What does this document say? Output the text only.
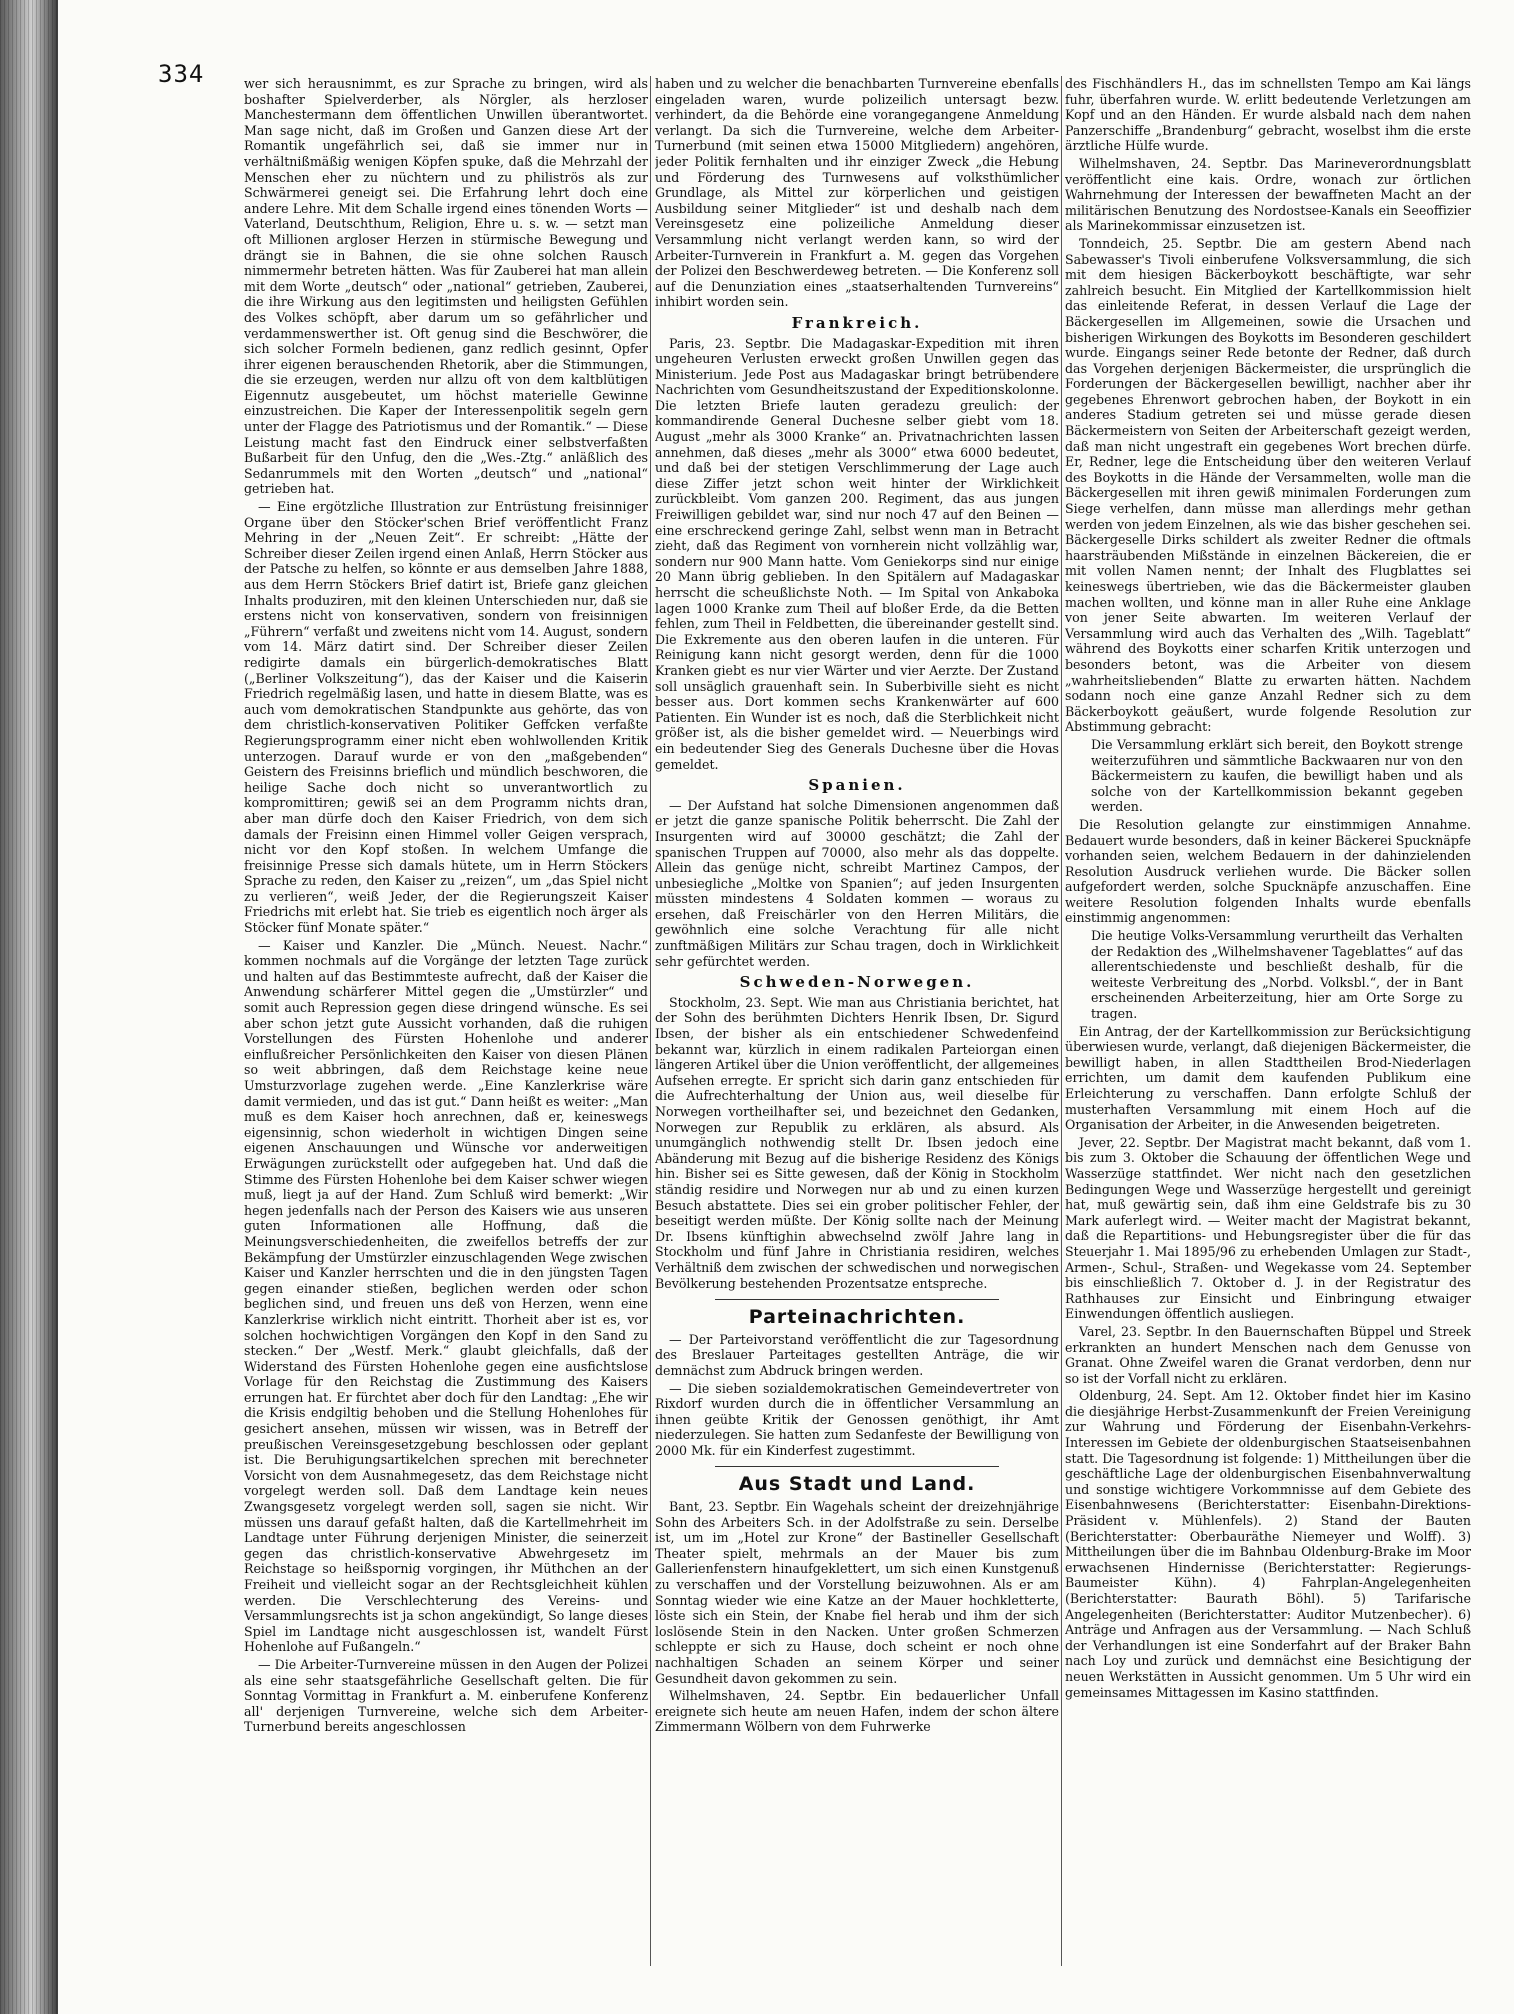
334	wer sich herausnimmt, es zur Sprache zu bringen, wird als boshafter Spielverderber, als Nörgler, als herzloser Manchestermann dem öffentlichen Unwillen überantwortet. Man sage nicht, daß im Großen und Ganzen diese Art der Romantik ungefährlich sei, daß sie immer nur in verhältnißmäßig wenigen Köpfen spuke, daß die Mehrzahl der Menschen eher zu nüchtern und zu philiströs als zur Schwärmerei geneigt sei. Die Erfahrung lehrt doch eine andere Lehre. Mit dem Schalle irgend eines tönenden Worts — Vaterland, Deutschthum, Religion, Ehre u. s. w. — setzt man oft Millionen argloser Herzen in stürmische Bewegung und drängt sie in Bahnen, die sie ohne solchen Rausch nimmermehr betreten hätten. Was für Zauberei hat man allein mit dem Worte „deutsch“ oder „national“ getrieben, Zauberei, die ihre Wirkung aus den legitimsten und heiligsten Gefühlen des Volkes schöpft, aber darum um so gefährlicher und verdammenswerther ist. Oft genug sind die Beschwörer, die sich solcher Formeln bedienen, ganz redlich gesinnt, Opfer ihrer eigenen berauschenden Rhetorik, aber die Stimmungen, die sie erzeugen, werden nur allzu oft von dem kaltblütigen Eigennutz ausgebeutet, um höchst materielle Gewinne einzustreichen. Die Kaper der Interessenpolitik segeln gern unter der Flagge des Patriotismus und der Romantik.“ — Diese Leistung macht fast den Eindruck einer selbstverfaßten Bußarbeit für den Unfug, den die „Wes.-Ztg.“ anläßlich des Sedanrummels mit den Worten „deutsch“ und „national“ getrieben hat.

— Eine ergötzliche Illustration zur Entrüstung freisinniger Organe über den Stöcker'schen Brief veröffentlicht Franz Mehring in der „Neuen Zeit“. Er schreibt: „Hätte der Schreiber dieser Zeilen irgend einen Anlaß, Herrn Stöcker aus der Patsche zu helfen, so könnte er aus demselben Jahre 1888, aus dem Herrn Stöckers Brief datirt ist, Briefe ganz gleichen Inhalts produziren, mit den kleinen Unterschieden nur, daß sie erstens nicht von konservativen, sondern von freisinnigen „Führern“ verfaßt und zweitens nicht vom 14. August, sondern vom 14. März datirt sind. Der Schreiber dieser Zeilen redigirte damals ein bürgerlich-demokratisches Blatt („Berliner Volkszeitung“), das der Kaiser und die Kaiserin Friedrich regelmäßig lasen, und hatte in diesem Blatte, was es auch vom demokratischen Standpunkte aus gehörte, das von dem christlich-konservativen Politiker Geffcken verfaßte Regierungsprogramm einer nicht eben wohlwollenden Kritik unterzogen. Darauf wurde er von den „maßgebenden“ Geistern des Freisinns brieflich und mündlich beschworen, die heilige Sache doch nicht so unverantwortlich zu kompromittiren; gewiß sei an dem Programm nichts dran, aber man dürfe doch den Kaiser Friedrich, von dem sich damals der Freisinn einen Himmel voller Geigen versprach, nicht vor den Kopf stoßen. In welchem Umfange die freisinnige Presse sich damals hütete, um in Herrn Stöckers Sprache zu reden, den Kaiser zu „reizen“, um „das Spiel nicht zu verlieren“, weiß Jeder, der die Regierungszeit Kaiser Friedrichs mit erlebt hat. Sie trieb es eigentlich noch ärger als Stöcker fünf Monate später.“

— Kaiser und Kanzler. Die „Münch. Neuest. Nachr.“ kommen nochmals auf die Vorgänge der letzten Tage zurück und halten auf das Bestimmteste aufrecht, daß der Kaiser die Anwendung schärferer Mittel gegen die „Umstürzler“ und somit auch Repression gegen diese dringend wünsche. Es sei aber schon jetzt gute Aussicht vorhanden, daß die ruhigen Vorstellungen des Fürsten Hohenlohe und anderer einflußreicher Persönlichkeiten den Kaiser von diesen Plänen so weit abbringen, daß dem Reichstage keine neue Umsturzvorlage zugehen werde. „Eine Kanzlerkrise wäre damit vermieden, und das ist gut.“ Dann heißt es weiter: „Man muß es dem Kaiser hoch anrechnen, daß er, keineswegs eigensinnig, schon wiederholt in wichtigen Dingen seine eigenen Anschauungen und Wünsche vor anderweitigen Erwägungen zurückstellt oder aufgegeben hat. Und daß die Stimme des Fürsten Hohenlohe bei dem Kaiser schwer wiegen muß, liegt ja auf der Hand. Zum Schluß wird bemerkt: „Wir hegen jedenfalls nach der Person des Kaisers wie aus unseren guten Informationen alle Hoffnung, daß die Meinungsverschiedenheiten, die zweifellos betreffs der zur Bekämpfung der Umstürzler einzuschlagenden Wege zwischen Kaiser und Kanzler herrschten und die in den jüngsten Tagen gegen einander stießen, beglichen werden oder schon beglichen sind, und freuen uns deß von Herzen, wenn eine Kanzlerkrise wirklich nicht eintritt. Thorheit aber ist es, vor solchen hochwichtigen Vorgängen den Kopf in den Sand zu stecken.“ Der „Westf. Merk.“ glaubt gleichfalls, daß der Widerstand des Fürsten Hohenlohe gegen eine ausfichtslose Vorlage für den Reichstag die Zustimmung des Kaisers errungen hat. Er fürchtet aber doch für den Landtag: „Ehe wir die Krisis endgiltig behoben und die Stellung Hohenlohes für gesichert ansehen, müssen wir wissen, was in Betreff der preußischen Vereinsgesetzgebung beschlossen oder geplant ist. Die Beruhigungsartikelchen sprechen mit berechneter Vorsicht von dem Ausnahmegesetz, das dem Reichstage nicht vorgelegt werden soll. Daß dem Landtage kein neues Zwangsgesetz vorgelegt werden soll, sagen sie nicht. Wir müssen uns darauf gefaßt halten, daß die Kartellmehrheit im Landtage unter Führung derjenigen Minister, die seinerzeit gegen das christlich-konservative Abwehrgesetz im Reichstage so heißspornig vorgingen, ihr Müthchen an der Freiheit und vielleicht sogar an der Rechtsgleichheit kühlen werden. Die Verschlechterung des Vereins- und Versammlungsrechts ist ja schon angekündigt, So lange dieses Spiel im Landtage nicht ausgeschlossen ist, wandelt Fürst Hohenlohe auf Fußangeln.“

— Die Arbeiter-Turnvereine müssen in den Augen der Polizei als eine sehr staatsgefährliche Gesellschaft gelten. Die für Sonntag Vormittag in Frankfurt a. M. einberufene Konferenz all' derjenigen Turnvereine, welche sich dem Arbeiter-Turnerbund bereits angeschlossen

haben und zu welcher die benachbarten Turnvereine ebenfalls eingeladen waren, wurde polizeilich untersagt bezw. verhindert, da die Behörde eine vorangegangene Anmeldung verlangt. Da sich die Turnvereine, welche dem Arbeiter-Turnerbund (mit seinen etwa 15000 Mitgliedern) angehören, jeder Politik fernhalten und ihr einziger Zweck „die Hebung und Förderung des Turnwesens auf volksthümlicher Grundlage, als Mittel zur körperlichen und geistigen Ausbildung seiner Mitglieder“ ist und deshalb nach dem Vereinsgesetz eine polizeiliche Anmeldung dieser Versammlung nicht verlangt werden kann, so wird der Arbeiter-Turnverein in Frankfurt a. M. gegen das Vorgehen der Polizei den Beschwerdeweg betreten. — Die Konferenz soll auf die Denunziation eines „staatserhaltenden Turnvereins“ inhibirt worden sein.

Frankreich.

Paris, 23. Septbr. Die Madagaskar-Expedition mit ihren ungeheuren Verlusten erweckt großen Unwillen gegen das Ministerium. Jede Post aus Madagaskar bringt betrübendere Nachrichten vom Gesundheitszustand der Expeditionskolonne. Die letzten Briefe lauten geradezu greulich: der kommandirende General Duchesne selber giebt vom 18. August „mehr als 3000 Kranke“ an. Privatnachrichten lassen annehmen, daß dieses „mehr als 3000“ etwa 6000 bedeutet, und daß bei der stetigen Verschlimmerung der Lage auch diese Ziffer jetzt schon weit hinter der Wirklichkeit zurückbleibt. Vom ganzen 200. Regiment, das aus jungen Freiwilligen gebildet war, sind nur noch 47 auf den Beinen — eine erschreckend geringe Zahl, selbst wenn man in Betracht zieht, daß das Regiment von vornherein nicht vollzählig war, sondern nur 900 Mann hatte. Vom Geniekorps sind nur einige 20 Mann übrig geblieben. In den Spitälern auf Madagaskar herrscht die scheußlichste Noth. — Im Spital von Ankaboka lagen 1000 Kranke zum Theil auf bloßer Erde, da die Betten fehlen, zum Theil in Feldbetten, die übereinander gestellt sind. Die Exkremente aus den oberen laufen in die unteren. Für Reinigung kann nicht gesorgt werden, denn für die 1000 Kranken giebt es nur vier Wärter und vier Aerzte. Der Zustand soll unsäglich grauenhaft sein. In Suberbiville sieht es nicht besser aus. Dort kommen sechs Krankenwärter auf 600 Patienten. Ein Wunder ist es noch, daß die Sterblichkeit nicht größer ist, als die bisher gemeldet wird. — Neuerbings wird ein bedeutender Sieg des Generals Duchesne über die Hovas gemeldet.

Spanien.

— Der Aufstand hat solche Dimensionen angenommen daß er jetzt die ganze spanische Politik beherrscht. Die Zahl der Insurgenten wird auf 30000 geschätzt; die Zahl der spanischen Truppen auf 70000, also mehr als das doppelte. Allein das genüge nicht, schreibt Martinez Campos, der unbesiegliche „Moltke von Spanien“; auf jeden Insurgenten müssten mindestens 4 Soldaten kommen — woraus zu ersehen, daß Freischärler von den Herren Militärs, die gewöhnlich eine solche Verachtung für alle nicht zunftmäßigen Militärs zur Schau tragen, doch in Wirklichkeit sehr gefürchtet werden.

Schweden-Norwegen.

Stockholm, 23. Sept. Wie man aus Christiania berichtet, hat der Sohn des berühmten Dichters Henrik Ibsen, Dr. Sigurd Ibsen, der bisher als ein entschiedener Schwedenfeind bekannt war, kürzlich in einem radikalen Parteiorgan einen längeren Artikel über die Union veröffentlicht, der allgemeines Aufsehen erregte. Er spricht sich darin ganz entschieden für die Aufrechterhaltung der Union aus, weil dieselbe für Norwegen vortheilhafter sei, und bezeichnet den Gedanken, Norwegen zur Republik zu erklären, als absurd. Als unumgänglich nothwendig stellt Dr. Ibsen jedoch eine Abänderung mit Bezug auf die bisherige Residenz des Königs hin. Bisher sei es Sitte gewesen, daß der König in Stockholm ständig residire und Norwegen nur ab und zu einen kurzen Besuch abstattete. Dies sei ein grober politischer Fehler, der beseitigt werden müßte. Der König sollte nach der Meinung Dr. Ibsens künftighin abwechselnd zwölf Jahre lang in Stockholm und fünf Jahre in Christiania residiren, welches Verhältniß dem zwischen der schwedischen und norwegischen Bevölkerung bestehenden Prozentsatze entspreche.

Parteinachrichten.

— Der Parteivorstand veröffentlicht die zur Tagesordnung des Breslauer Parteitages gestellten Anträge, die wir demnächst zum Abdruck bringen werden.

— Die sieben sozialdemokratischen Gemeindevertreter von Rixdorf wurden durch die in öffentlicher Versammlung an ihnen geübte Kritik der Genossen genöthigt, ihr Amt niederzulegen. Sie hatten zum Sedanfeste der Bewilligung von 2000 Mk. für ein Kinderfest zugestimmt.

Aus Stadt und Land.

Bant, 23. Septbr. Ein Wagehals scheint der dreizehnjährige Sohn des Arbeiters Sch. in der Adolfstraße zu sein. Derselbe ist, um im „Hotel zur Krone“ der Bastineller Gesellschaft Theater spielt, mehrmals an der Mauer bis zum Gallerienfenstern hinaufgeklettert, um sich einen Kunstgenuß zu verschaffen und der Vorstellung beizuwohnen. Als er am Sonntag wieder wie eine Katze an der Mauer hochkletterte, löste sich ein Stein, der Knabe fiel herab und ihm der sich loslösende Stein in den Nacken. Unter großen Schmerzen schleppte er sich zu Hause, doch scheint er noch ohne nachhaltigen Schaden an seinem Körper und seiner Gesundheit davon gekommen zu sein.

Wilhelmshaven, 24. Septbr. Ein bedauerlicher Unfall ereignete sich heute am neuen Hafen, indem der schon ältere Zimmermann Wölbern von dem Fuhrwerke

des Fischhändlers H., das im schnellsten Tempo am Kai längs fuhr, überfahren wurde. W. erlitt bedeutende Verletzungen am Kopf und an den Händen. Er wurde alsbald nach dem nahen Panzerschiffe „Brandenburg“ gebracht, woselbst ihm die erste ärztliche Hülfe wurde.

Wilhelmshaven, 24. Septbr. Das Marineverordnungsblatt veröffentlicht eine kais. Ordre, wonach zur örtlichen Wahrnehmung der Interessen der bewaffneten Macht an der militärischen Benutzung des Nordostsee-Kanals ein Seeoffizier als Marinekommissar einzusetzen ist.

Tonndeich, 25. Septbr. Die am gestern Abend nach Sabewasser's Tivoli einberufene Volksversammlung, die sich mit dem hiesigen Bäckerboykott beschäftigte, war sehr zahlreich besucht. Ein Mitglied der Kartellkommission hielt das einleitende Referat, in dessen Verlauf die Lage der Bäckergesellen im Allgemeinen, sowie die Ursachen und bisherigen Wirkungen des Boykotts im Besonderen geschildert wurde. Eingangs seiner Rede betonte der Redner, daß durch das Vorgehen derjenigen Bäckermeister, die ursprünglich die Forderungen der Bäckergesellen bewilligt, nachher aber ihr gegebenes Ehrenwort gebrochen haben, der Boykott in ein anderes Stadium getreten sei und müsse gerade diesen Bäckermeistern von Seiten der Arbeiterschaft gezeigt werden, daß man nicht ungestraft ein gegebenes Wort brechen dürfe. Er, Redner, lege die Entscheidung über den weiteren Verlauf des Boykotts in die Hände der Versammelten, wolle man die Bäckergesellen mit ihren gewiß minimalen Forderungen zum Siege verhelfen, dann müsse man allerdings mehr gethan werden von jedem Einzelnen, als wie das bisher geschehen sei. Bäckergeselle Dirks schildert als zweiter Redner die oftmals haarsträubenden Mißstände in einzelnen Bäckereien, die er mit vollen Namen nennt; der Inhalt des Flugblattes sei keineswegs übertrieben, wie das die Bäckermeister glauben machen wollten, und könne man in aller Ruhe eine Anklage von jener Seite abwarten. Im weiteren Verlauf der Versammlung wird auch das Verhalten des „Wilh. Tageblatt“ während des Boykotts einer scharfen Kritik unterzogen und besonders betont, was die Arbeiter von diesem „wahrheitsliebenden“ Blatte zu erwarten hätten. Nachdem sodann noch eine ganze Anzahl Redner sich zu dem Bäckerboykott geäußert, wurde folgende Resolution zur Abstimmung gebracht:

Die Versammlung erklärt sich bereit, den Boykott strenge weiterzuführen und sämmtliche Backwaaren nur von den Bäckermeistern zu kaufen, die bewilligt haben und als solche von der Kartellkommission bekannt gegeben werden.

Die Resolution gelangte zur einstimmigen Annahme. Bedauert wurde besonders, daß in keiner Bäckerei Spucknäpfe vorhanden seien, welchem Bedauern in der dahinzielenden Resolution Ausdruck verliehen wurde. Die Bäcker sollen aufgefordert werden, solche Spucknäpfe anzuschaffen. Eine weitere Resolution folgenden Inhalts wurde ebenfalls einstimmig angenommen:

Die heutige Volks-Versammlung verurtheilt das Verhalten der Redaktion des „Wilhelmshavener Tageblattes“ auf das allerentschiedenste und beschließt deshalb, für die weiteste Verbreitung des „Norbd. Volksbl.“, der in Bant erscheinenden Arbeiterzeitung, hier am Orte Sorge zu tragen.

Ein Antrag, der der Kartellkommission zur Berücksichtigung überwiesen wurde, verlangt, daß diejenigen Bäckermeister, die bewilligt haben, in allen Stadttheilen Brod-Niederlagen errichten, um damit dem kaufenden Publikum eine Erleichterung zu verschaffen. Dann erfolgte Schluß der musterhaften Versammlung mit einem Hoch auf die Organisation der Arbeiter, in die Anwesenden beigetreten.

Jever, 22. Septbr. Der Magistrat macht bekannt, daß vom 1. bis zum 3. Oktober die Schauung der öffentlichen Wege und Wasserzüge stattfindet. Wer nicht nach den gesetzlichen Bedingungen Wege und Wasserzüge hergestellt und gereinigt hat, muß gewärtig sein, daß ihm eine Geldstrafe bis zu 30 Mark auferlegt wird. — Weiter macht der Magistrat bekannt, daß die Repartitions- und Hebungsregister über die für das Steuerjahr 1. Mai 1895/96 zu erhebenden Umlagen zur Stadt-, Armen-, Schul-, Straßen- und Wegekasse vom 24. September bis einschließlich 7. Oktober d. J. in der Registratur des Rathhauses zur Einsicht und Einbringung etwaiger Einwendungen öffentlich ausliegen.

Varel, 23. Septbr. In den Bauernschaften Büppel und Streek erkrankten an hundert Menschen nach dem Genusse von Granat. Ohne Zweifel waren die Granat verdorben, denn nur so ist der Vorfall nicht zu erklären.

Oldenburg, 24. Sept. Am 12. Oktober findet hier im Kasino die diesjährige Herbst-Zusammenkunft der Freien Vereinigung zur Wahrung und Förderung der Eisenbahn-Verkehrs-Interessen im Gebiete der oldenburgischen Staatseisenbahnen statt. Die Tagesordnung ist folgende: 1) Mittheilungen über die geschäftliche Lage der oldenburgischen Eisenbahnverwaltung und sonstige wichtigere Vorkommnisse auf dem Gebiete des Eisenbahnwesens (Berichterstatter: Eisenbahn-Direktions-Präsident v. Mühlenfels). 2) Stand der Bauten (Berichterstatter: Oberbauräthe Niemeyer und Wolff). 3) Mittheilungen über die im Bahnbau Oldenburg-Brake im Moor erwachsenen Hindernisse (Berichterstatter: Regierungs-Baumeister Kühn). 4) Fahrplan-Angelegenheiten (Berichterstatter: Baurath Böhl). 5) Tarifarische Angelegenheiten (Berichterstatter: Auditor Mutzenbecher). 6) Anträge und Anfragen aus der Versammlung. — Nach Schluß der Verhandlungen ist eine Sonderfahrt auf der Braker Bahn nach Loy und zurück und demnächst eine Besichtigung der neuen Werkstätten in Aussicht genommen. Um 5 Uhr wird ein gemeinsames Mittagessen im Kasino stattfinden.
